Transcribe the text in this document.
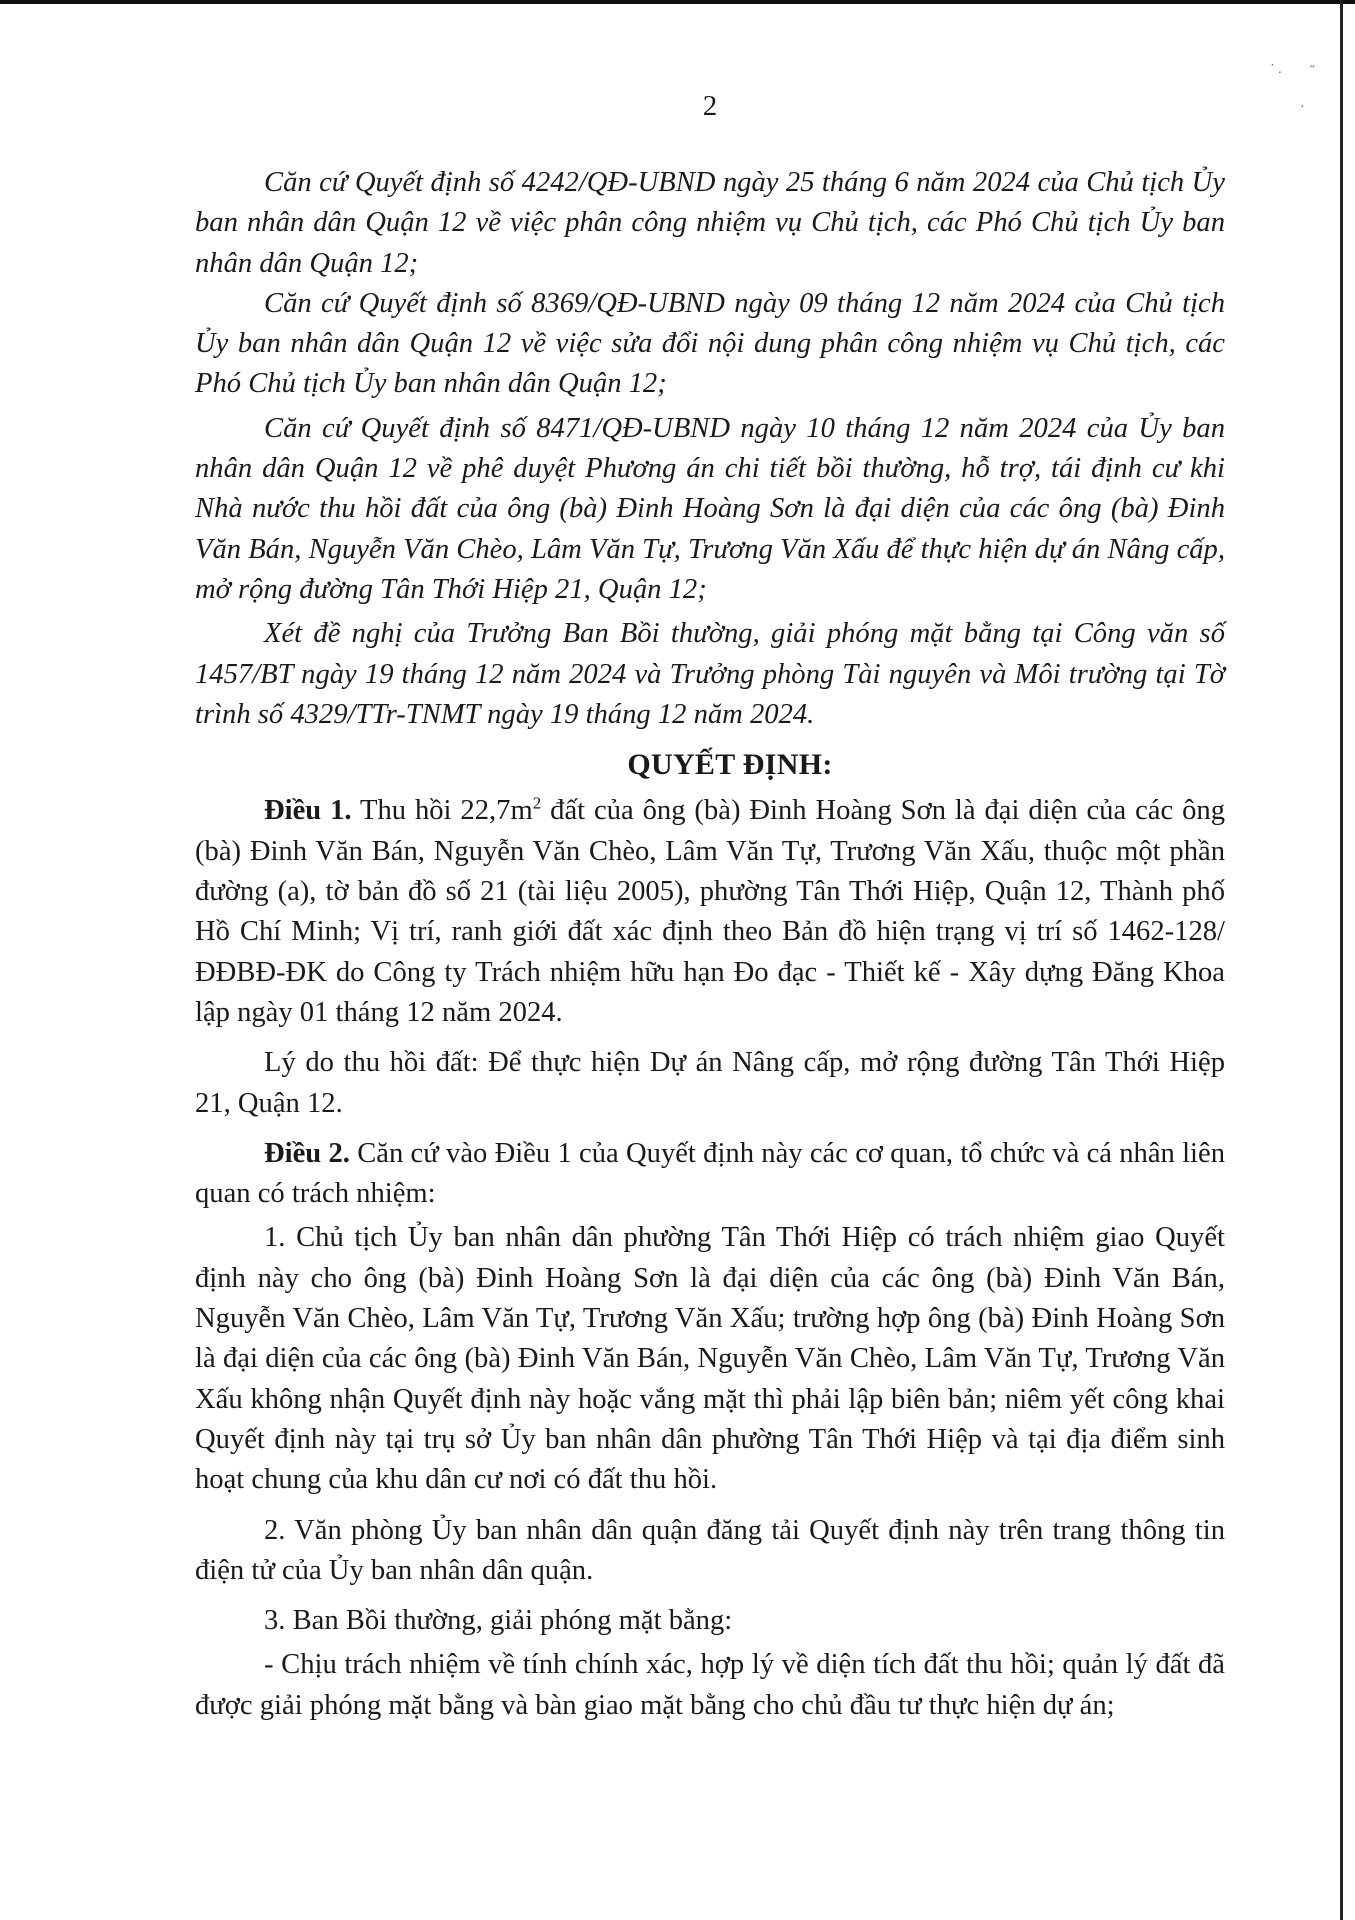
˙ . ˶
·
2

Căn cứ Quyết định số 4242/QĐ-UBND ngày 25 tháng 6 năm 2024 của Chủ tịch Ủy ban nhân dân Quận 12 về việc phân công nhiệm vụ Chủ tịch, các Phó Chủ tịch Ủy ban nhân dân Quận 12;

Căn cứ Quyết định số 8369/QĐ-UBND ngày 09 tháng 12 năm 2024 của Chủ tịch Ủy ban nhân dân Quận 12 về việc sửa đổi nội dung phân công nhiệm vụ Chủ tịch, các Phó Chủ tịch Ủy ban nhân dân Quận 12;

Căn cứ Quyết định số 8471/QĐ-UBND ngày 10 tháng 12 năm 2024 của Ủy ban nhân dân Quận 12 về phê duyệt Phương án chi tiết bồi thường, hỗ trợ, tái định cư khi Nhà nước thu hồi đất của ông (bà) Đinh Hoàng Sơn là đại diện của các ông (bà) Đinh Văn Bán, Nguyễn Văn Chèo, Lâm Văn Tự, Trương Văn Xấu để thực hiện dự án Nâng cấp, mở rộng đường Tân Thới Hiệp 21, Quận 12;

Xét đề nghị của Trưởng Ban Bồi thường, giải phóng mặt bằng tại Công văn số 1457/BT ngày 19 tháng 12 năm 2024 và Trưởng phòng Tài nguyên và Môi trường tại Tờ trình số 4329/TTr-TNMT ngày 19 tháng 12 năm 2024.

QUYẾT ĐỊNH:

Điều 1. Thu hồi $22,7m^2$ đất của ông (bà) Đinh Hoàng Sơn là đại diện của các ông (bà) Đinh Văn Bán, Nguyễn Văn Chèo, Lâm Văn Tự, Trương Văn Xấu, thuộc một phần đường (a), tờ bản đồ số 21 (tài liệu 2005), phường Tân Thới Hiệp, Quận 12, Thành phố Hồ Chí Minh; Vị trí, ranh giới đất xác định theo Bản đồ hiện trạng vị trí số 1462-128/ĐĐBĐ-ĐK do Công ty Trách nhiệm hữu hạn Đo đạc - Thiết kế - Xây dựng Đăng Khoa lập ngày 01 tháng 12 năm 2024.

Lý do thu hồi đất: Để thực hiện Dự án Nâng cấp, mở rộng đường Tân Thới Hiệp 21, Quận 12.

Điều 2. Căn cứ vào Điều 1 của Quyết định này các cơ quan, tổ chức và cá nhân liên quan có trách nhiệm:

1. Chủ tịch Ủy ban nhân dân phường Tân Thới Hiệp có trách nhiệm giao Quyết định này cho ông (bà) Đinh Hoàng Sơn là đại diện của các ông (bà) Đinh Văn Bán, Nguyễn Văn Chèo, Lâm Văn Tự, Trương Văn Xấu; trường hợp ông (bà) Đinh Hoàng Sơn là đại diện của các ông (bà) Đinh Văn Bán, Nguyễn Văn Chèo, Lâm Văn Tự, Trương Văn Xấu không nhận Quyết định này hoặc vắng mặt thì phải lập biên bản; niêm yết công khai Quyết định này tại trụ sở Ủy ban nhân dân phường Tân Thới Hiệp và tại địa điểm sinh hoạt chung của khu dân cư nơi có đất thu hồi.

2. Văn phòng Ủy ban nhân dân quận đăng tải Quyết định này trên trang thông tin điện tử của Ủy ban nhân dân quận.

3. Ban Bồi thường, giải phóng mặt bằng:

- Chịu trách nhiệm về tính chính xác, hợp lý về diện tích đất thu hồi; quản lý đất đã được giải phóng mặt bằng và bàn giao mặt bằng cho chủ đầu tư thực hiện dự án;
